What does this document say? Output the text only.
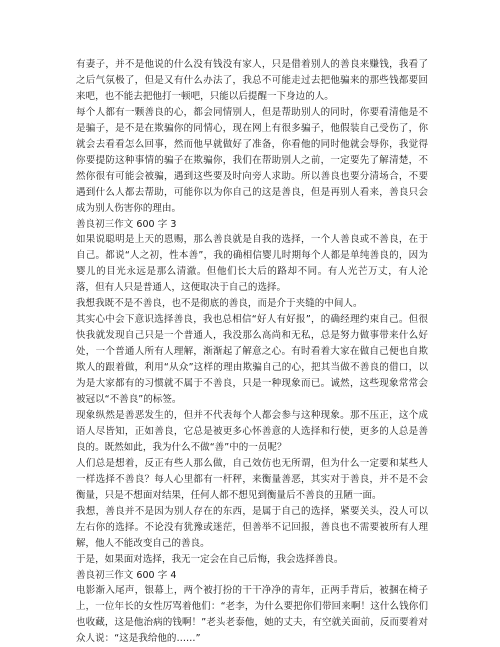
有妻子，并不是他说的什么没有钱没有家人，只是借着别人的善良来赚钱，我看了之后气氛极了，但是又有什么办法了，我总不可能走过去把他骗来的那些钱都要回来吧，也不能去把他打一顿吧，只能以后提醒一下身边的人。

每个人都有一颗善良的心，都会同情别人，但是帮助别人的同时，你要看清他是不是骗子，是不是在欺骗你的同情心，现在网上有很多骗子，他假装自己受伤了，你就会去看看怎么回事，然而他早就做好了准备，你看他的同时他就会辱你，我觉得你要提防这种事情的骗子在欺骗你，我们在帮助别人之前，一定要先了解清楚，不然你很有可能会被骗，遇到这些要及时向旁人求助。所以善良也要分清场合，不要遇到什么人都去帮助，可能你以为你自己的这是善良，但是再别人看来，善良只会成为别人伤害你的理由。

善良初三作文 600 字 3

如果说聪明是上天的恩赐，那么善良就是自我的选择，一个人善良或不善良，在于自己。都说“人之初，性本善”，我的确相信婴儿时期每个人都是单纯善良的，因为婴儿的目光永远是那么清澈。但他们长大后的路却不同。有人光芒万丈，有人沦落，但有人只是普通人，这便取决于自己的选择。

我想我既不是不善良，也不是彻底的善良，而是介于夹缝的中间人。

其实心中会下意识选择善良，我也总相信“好人有好报”，的确经理约束自己。但很快我就发现自己只是一个普通人，我没那么高尚和无私，总是努力做事带来什么好处，一个普通人所有人理解，渐渐起了解意之心。有时看着大家在做自己便也自欺欺人的跟着做，利用“从众”这样的理由欺骗自己的心，把其当做不善良的借口，以为是大家都有的习惯就不属于不善良，只是一种现象而已。诚然，这些现象常常会被冠以“不善良”的标签。

现象纵然是善恶发生的，但并不代表每个人都会参与这种现象。那不压正，这个成语人尽皆知，正如善良，它总是被更多心怀善意的人选择和行使，更多的人总是善良的。既然如此，我为什么不做“善”中的一员呢？

人们总是想着，反正有些人那么做，自己效仿也无所谓，但为什么一定要和某些人一样选择不善良？每人心里都有一杆秤，来衡量善恶，其实对于善良，并不是不会衡量，只是不想面对结果，任何人都不想见到衡量后不善良的丑陋一面。

我想，善良并不是因为别人存在的东西，是属于自己的选择，紧要关头，没人可以左右你的选择。不论没有犹豫或迷茫，但善举不记回报，善良也不需要被所有人理解，他人不能改变自己的善良。

于是，如果面对选择，我无一定会在自己后悔，我会选择善良。

善良初三作文 600 字 4

电影渐入尾声，银幕上，两个被打扮的干干净净的青年，正两手背后，被捆在椅子上，一位年长的女性厉骂着他们：“老李，为什么要把你们带回来啊！这什么钱你们也收藏，这是他治病的钱啊！”老头老泰他，她的丈夫，有空就关面前，反而要着对众人说：“这是我给他的……”
